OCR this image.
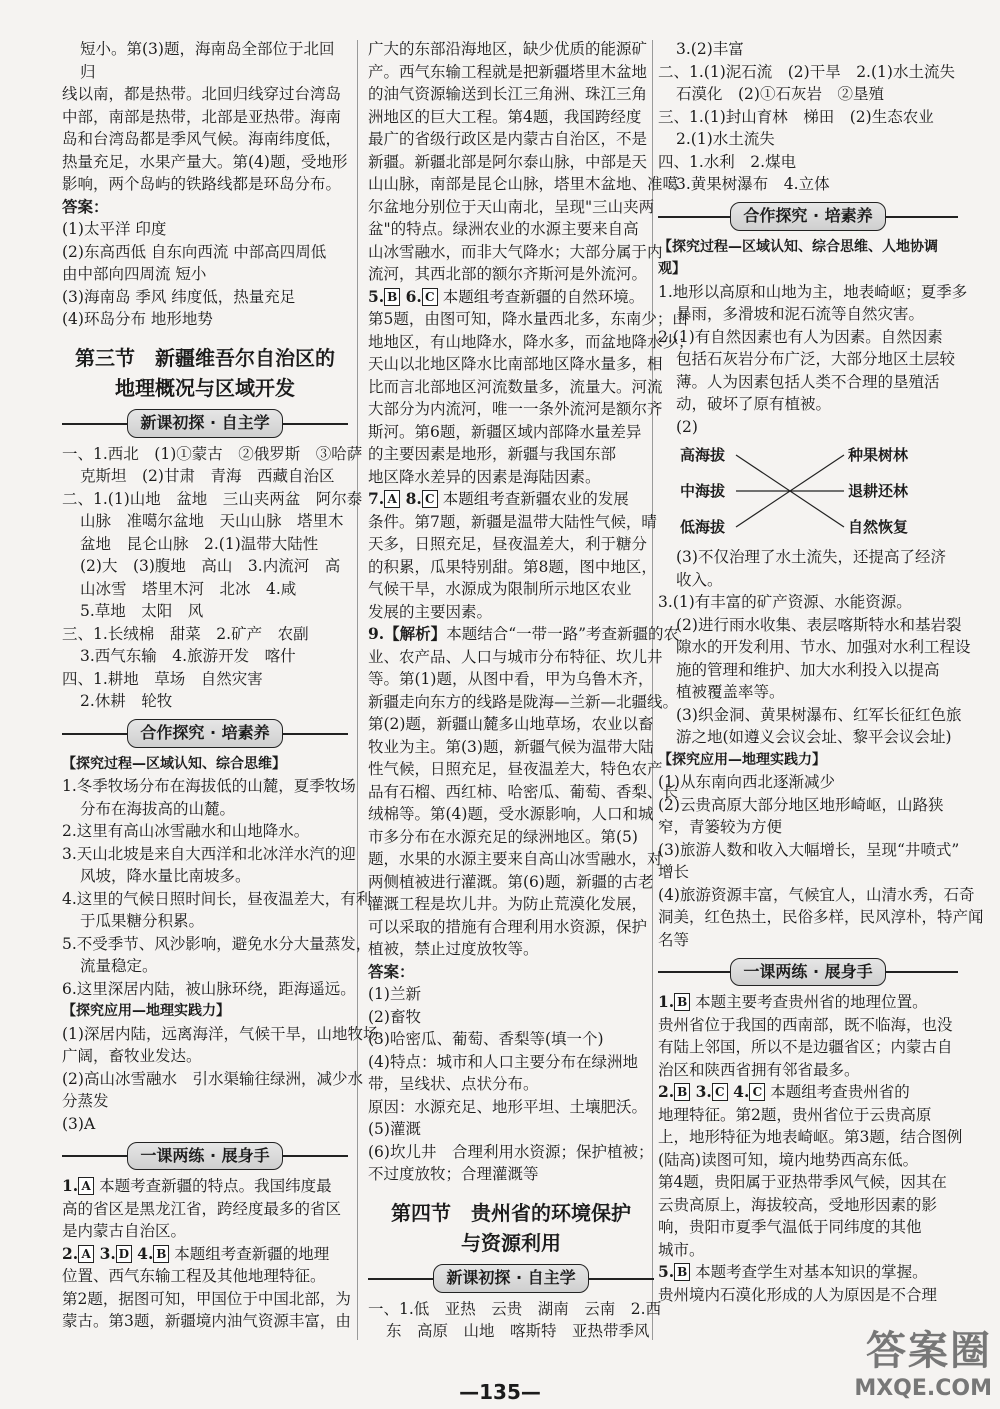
短小。第(3)题，海南岛全部位于北回归
线以南，都是热带。北回归线穿过台湾岛
中部，南部是热带，北部是亚热带。海南
岛和台湾岛都是季风气候。海南纬度低，
热量充足，水果产量大。第(4)题，受地形
影响，两个岛屿的铁路线都是环岛分布。
答案：
(1)太平洋 印度
(2)东高西低 自东向西流 中部高四周低
由中部向四周流 短小
(3)海南岛 季风 纬度低，热量充足
(4)环岛分布 地形地势
第三节　新疆维吾尔自治区的
地理概况与区域开发
新课初探 · 自主学
一、1.西北　(1)①蒙古　②俄罗斯　③哈萨
克斯坦　(2)甘肃　青海　西藏自治区
二、1.(1)山地　盆地　三山夹两盆　阿尔泰
山脉　准噶尔盆地　天山山脉　塔里木
盆地　昆仑山脉　2.(1)温带大陆性
(2)大　(3)腹地　高山　3.内流河　高
山冰雪　塔里木河　北冰　4.咸
5.草地　太阳　风
三、1.长绒棉　甜菜　2.矿产　农副
3.西气东输　4.旅游开发　喀什
四、1.耕地　草场　自然灾害
2.休耕　轮牧
合作探究 · 培素养
【探究过程—区域认知、综合思维】
1.冬季牧场分布在海拔低的山麓，夏季牧场
分布在海拔高的山麓。
2.这里有高山冰雪融水和山地降水。
3.天山北坡是来自大西洋和北冰洋水汽的迎
风坡，降水量比南坡多。
4.这里的气候日照时间长，昼夜温差大，有利
于瓜果糖分积累。
5.不受季节、风沙影响，避免水分大量蒸发，
流量稳定。
6.这里深居内陆，被山脉环绕，距海遥远。
【探究应用—地理实践力】
(1)深居内陆，远离海洋，气候干旱，山地牧场
广阔，畜牧业发达。
(2)高山冰雪融水　引水渠输往绿洲，减少水
分蒸发
(3)A
一课两练 · 展身手
1. A 本题考查新疆的特点。我国纬度最
高的省区是黑龙江省，跨经度最多的省区
是内蒙古自治区。
2. A 3. D 4. B 本题组考查新疆的地理
位置、西气东输工程及其他地理特征。
第2题，据图可知，甲国位于中国北部，为
蒙古。第3题，新疆境内油气资源丰富，由
广大的东部沿海地区，缺少优质的能源矿
产。西气东输工程就是把新疆塔里木盆地
的油气资源输送到长江三角洲、珠江三角
洲地区的巨大工程。第4题，我国跨经度
最广的省级行政区是内蒙古自治区，不是
新疆。新疆北部是阿尔泰山脉，中部是天
山山脉，南部是昆仑山脉，塔里木盆地、准噶
尔盆地分别位于天山南北，呈现"三山夹两
盆"的特点。绿洲农业的水源主要来自高
山冰雪融水，而非大气降水；大部分属于内
流河，其西北部的额尔齐斯河是外流河。
5. B 6. C 本题组考查新疆的自然环境。
第5题，由图可知，降水量西北多，东南少；山
地地区，有山地降水，降水多，而盆地降水少；
天山以北地区降水比南部地区降水量多，相
比而言北部地区河流数量多，流量大。河流
大部分为内流河，唯一一条外流河是额尔齐
斯河。第6题，新疆区域内部降水量差异
的主要因素是地形，新疆与我国东部
地区降水差异的因素是海陆因素。
7. A 8. C 本题组考查新疆农业的发展
条件。第7题，新疆是温带大陆性气候，晴
天多，日照充足，昼夜温差大，利于糖分
的积累，瓜果特别甜。第8题，图中地区，
气候干旱，水源成为限制所示地区农业
发展的主要因素。
9.【解析】本题结合“一带一路”考查新疆的农
业、农产品、人口与城市分布特征、坎儿井
等。第(1)题，从图中看，甲为乌鲁木齐，
新疆走向东方的线路是陇海—兰新—北疆线。
第(2)题，新疆山麓多山地草场，农业以畜
牧业为主。第(3)题，新疆气候为温带大陆
性气候，日照充足，昼夜温差大，特色农产
品有石榴、西红柿、哈密瓜、葡萄、香梨、长
绒棉等。第(4)题，受水源影响，人口和城
市多分布在水源充足的绿洲地区。第(5)
题，水果的水源主要来自高山冰雪融水，对
两侧植被进行灌溉。第(6)题，新疆的古老
灌溉工程是坎儿井。为防止荒漠化发展，
可以采取的措施有合理利用水资源，保护
植被，禁止过度放牧等。
答案：
(1)兰新
(2)畜牧
(3)哈密瓜、葡萄、香梨等(填一个)
(4)特点：城市和人口主要分布在绿洲地
带，呈线状、点状分布。
原因：水源充足、地形平坦、土壤肥沃。
(5)灌溉
(6)坎儿井　合理利用水资源；保护植被；
不过度放牧；合理灌溉等
第四节　贵州省的环境保护
与资源利用
新课初探 · 自主学
一、1.低　亚热　云贵　湖南　云南　2.西
东　高原　山地　喀斯特　亚热带季风
3.(2)丰富
二、1.(1)泥石流　(2)干旱　2.(1)水土流失
石漠化　(2)①石灰岩　②垦殖
三、1.(1)封山育林　梯田　(2)生态农业
2.(1)水土流失
四、1.水利　2.煤电
3.黄果树瀑布　4.立体
合作探究 · 培素养
【探究过程—区域认知、综合思维、人地协调
观】
1.地形以高原和山地为主，地表崎岖；夏季多
暴雨，多滑坡和泥石流等自然灾害。
2.(1)有自然因素也有人为因素。自然因素
包括石灰岩分布广泛，大部分地区土层较
薄。人为因素包括人类不合理的垦殖活
动，破坏了原有植被。
(2)
高海拔
中海拔
低海拔
种果树林
退耕还林
自然恢复
(3)不仅治理了水土流失，还提高了经济
收入。
3.(1)有丰富的矿产资源、水能资源。
(2)进行雨水收集、表层喀斯特水和基岩裂
隙水的开发利用、节水、加强对水利工程设
施的管理和维护、加大水利投入以提高
植被覆盖率等。
(3)织金洞、黄果树瀑布、红军长征红色旅
游之地(如遵义会议会址、黎平会议会址)
【探究应用—地理实践力】
(1)从东南向西北逐渐减少
(2)云贵高原大部分地区地形崎岖，山路狭
窄，青篓较为方便
(3)旅游人数和收入大幅增长，呈现“井喷式”
增长
(4)旅游资源丰富，气候宜人，山清水秀，石奇
洞美，红色热土，民俗多样，民风淳朴，特产闻
名等
一课两练 · 展身手
1. B 本题主要考查贵州省的地理位置。
贵州省位于我国的西南部，既不临海，也没
有陆上邻国，所以不是边疆省区；内蒙古自
治区和陕西省拥有邻省最多。
2. B 3. C 4. C 本题组考查贵州省的
地理特征。第2题，贵州省位于云贵高原
上，地形特征为地表崎岖。第3题，结合图例
(陆高)读图可知，境内地势西高东低。
第4题，贵阳属于亚热带季风气候，因其在
云贵高原上，海拔较高，受地形因素的影
响，贵阳市夏季气温低于同纬度的其他
城市。
5. B 本题考查学生对基本知识的掌握。
贵州境内石漠化形成的人为原因是不合理
—135—
答案圈
MXQE.COM
